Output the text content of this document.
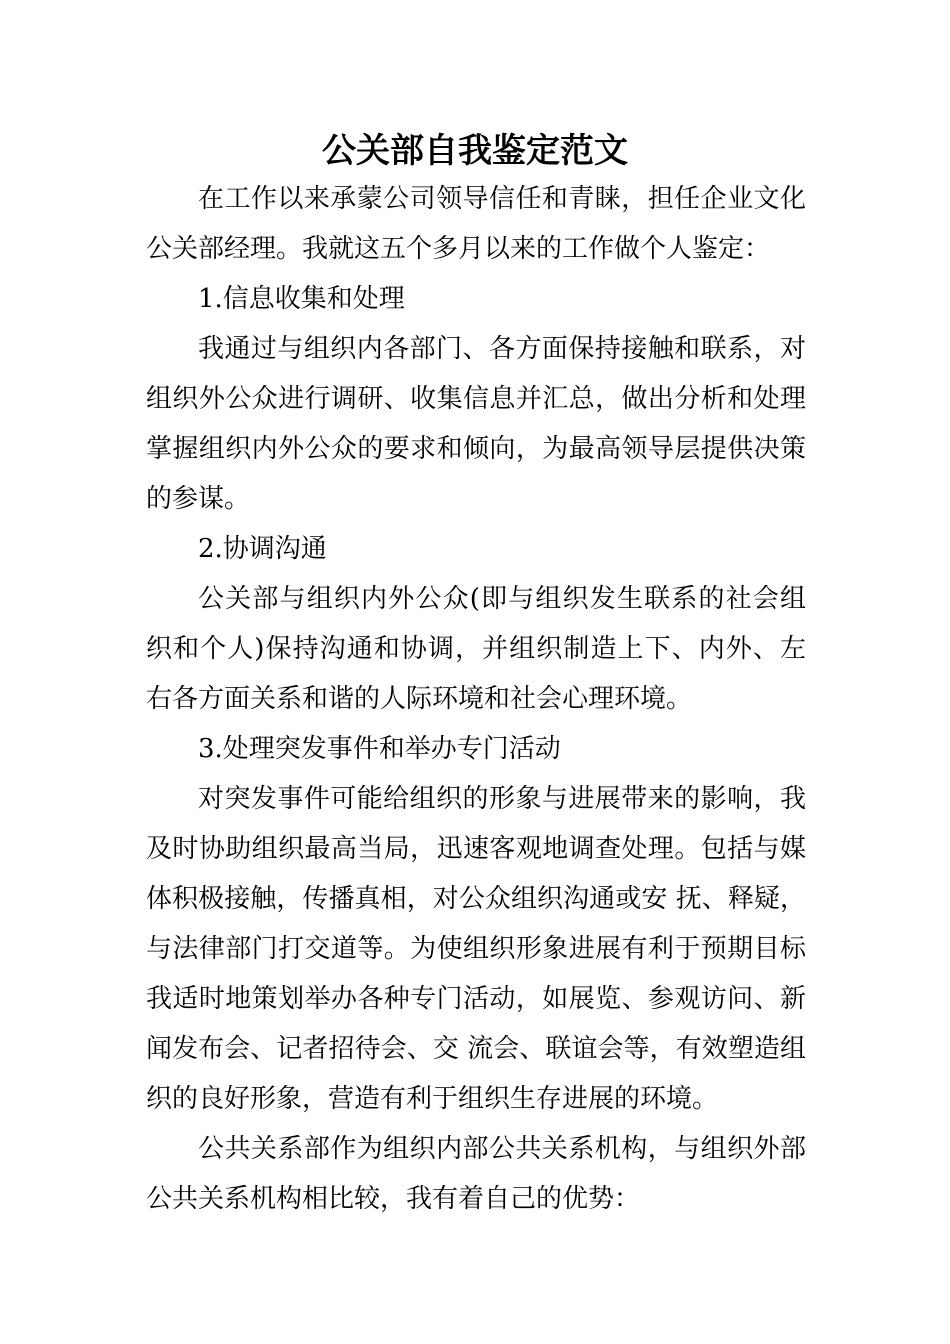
公关部自我鉴定范文

在工作以来承蒙公司领导信任和青睐，担任企业文化公关部经理。我就这五个多月以来的工作做个人鉴定：

1.信息收集和处理

我通过与组织内各部门、各方面保持接触和联系，对组织外公众进行调研、收集信息并汇总，做出分析和处理掌握组织内外公众的要求和倾向，为最高领导层提供决策的参谋。

2.协调沟通

公关部与组织内外公众(即与组织发生联系的社会组织和个人)保持沟通和协调，并组织制造上下、内外、左右各方面关系和谐的人际环境和社会心理环境。

3.处理突发事件和举办专门活动

对突发事件可能给组织的形象与进展带来的影响，我及时协助组织最高当局，迅速客观地调查处理。包括与媒体积极接触，传播真相，对公众组织沟通或安 抚、释疑，与法律部门打交道等。为使组织形象进展有利于预期目标我适时地策划举办各种专门活动，如展览、参观访问、新闻发布会、记者招待会、交 流会、联谊会等，有效塑造组织的良好形象，营造有利于组织生存进展的环境。

公共关系部作为组织内部公共关系机构，与组织外部公共关系机构相比较，我有着自己的优势：
